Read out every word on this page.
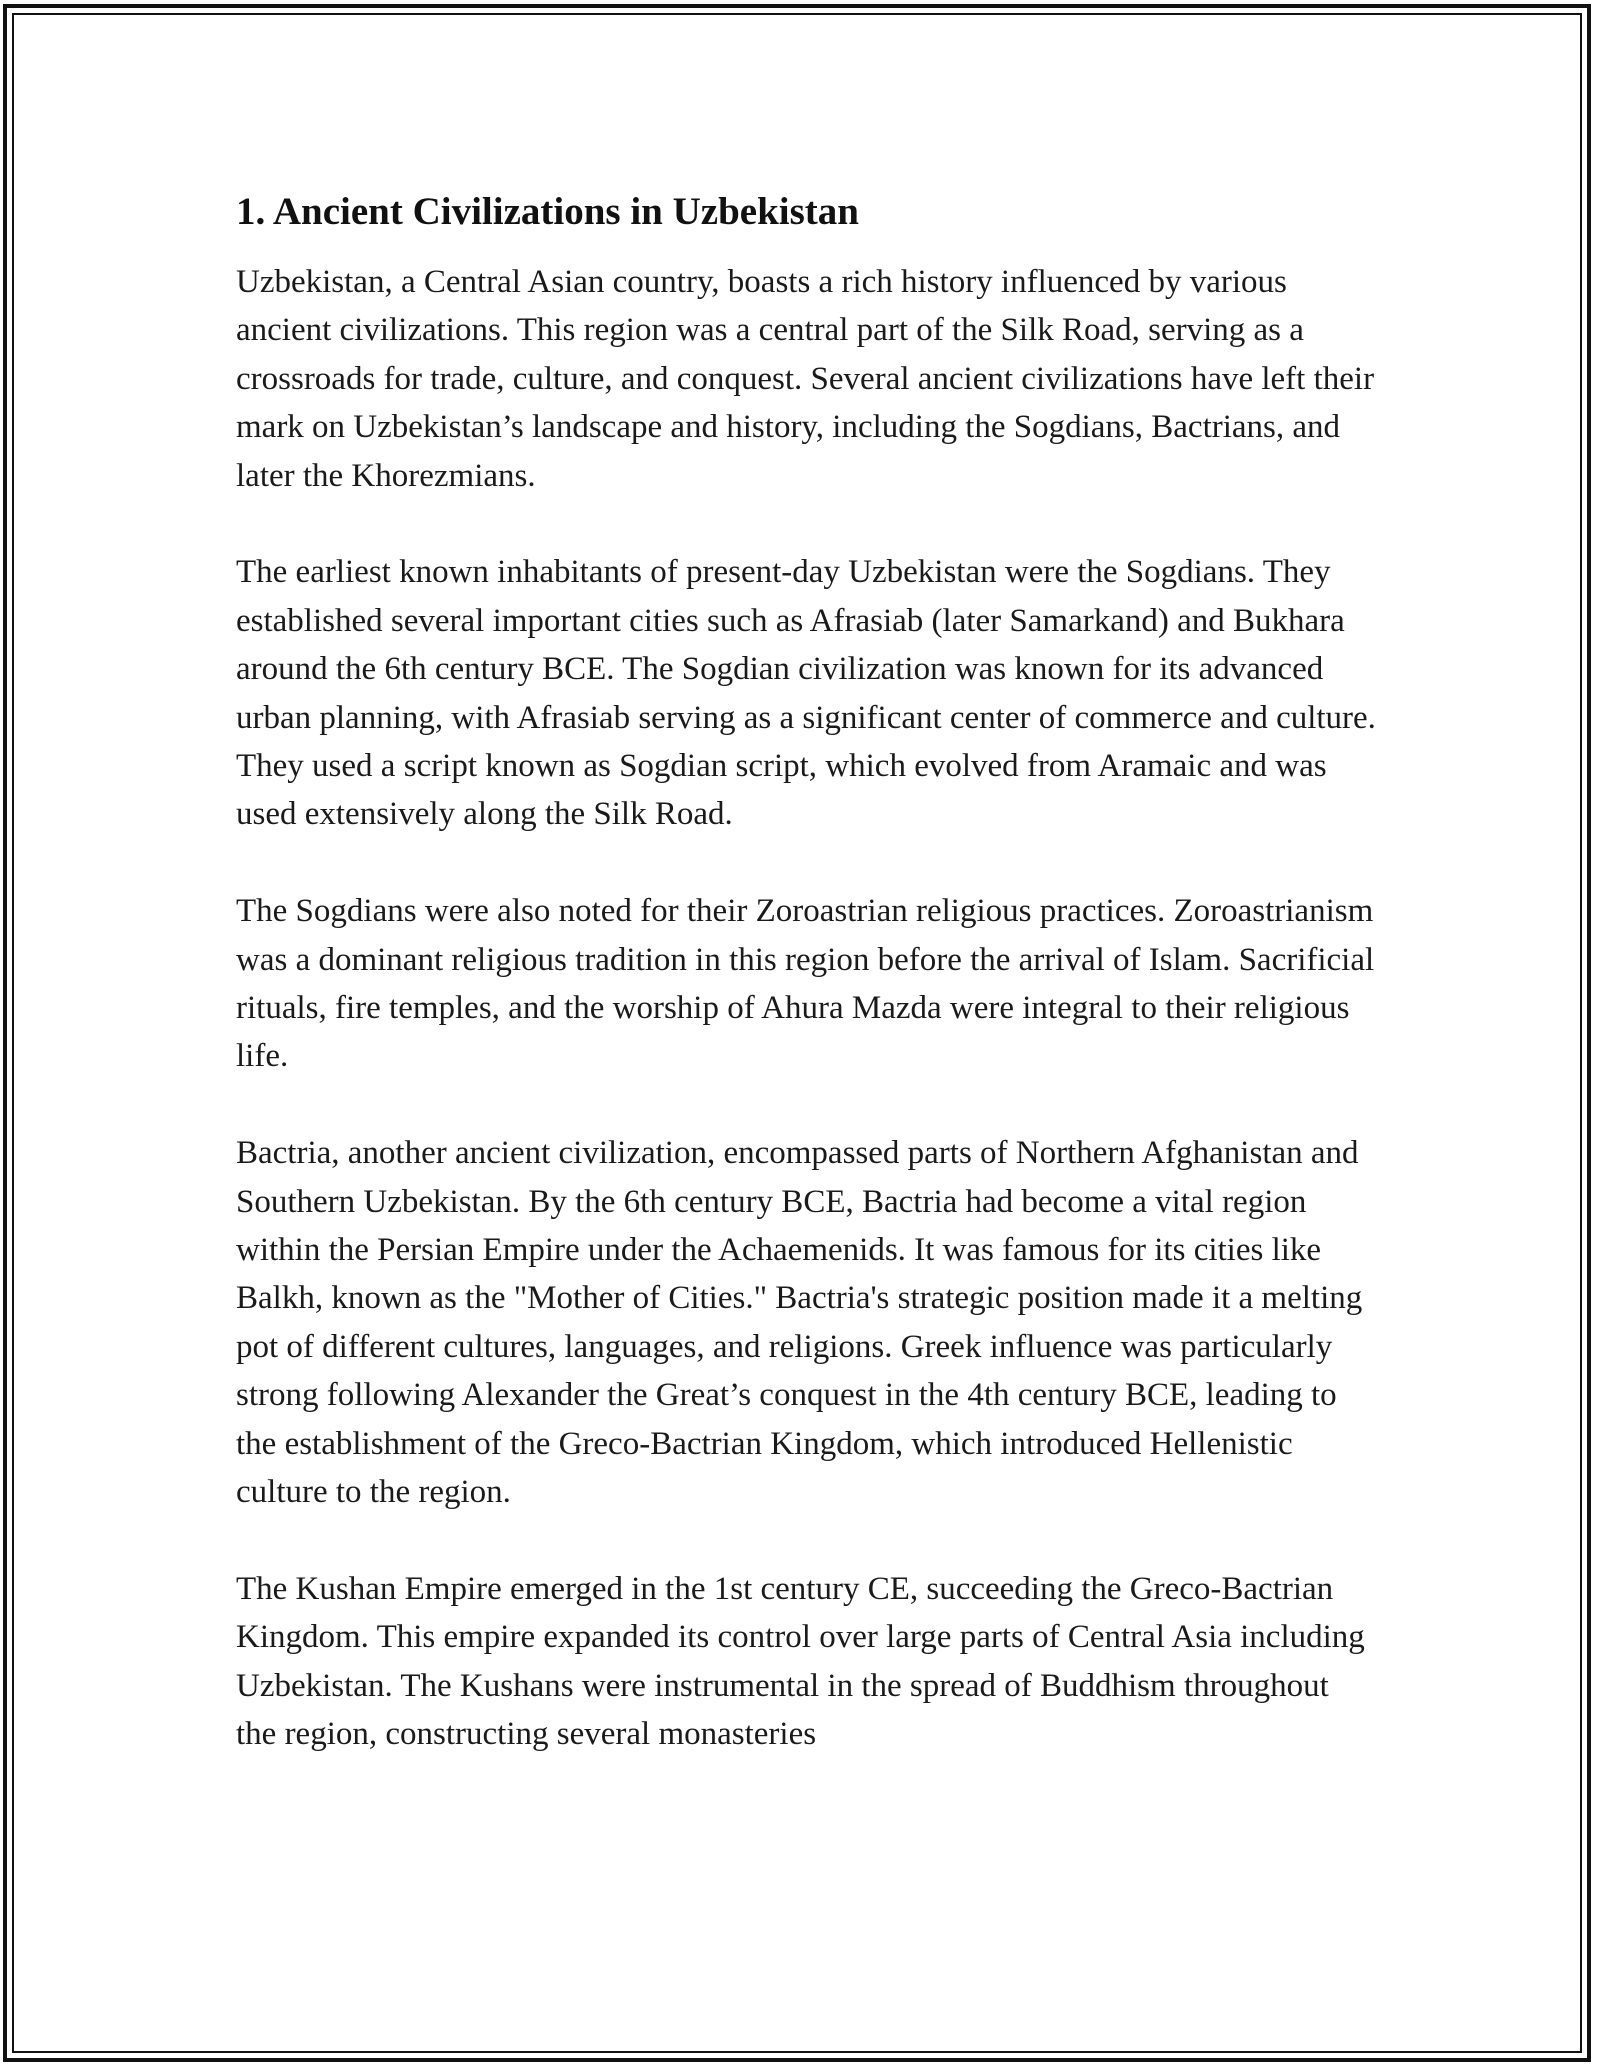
1. Ancient Civilizations in Uzbekistan

Uzbekistan, a Central Asian country, boasts a rich history influenced by various ancient civilizations. This region was a central part of the Silk Road, serving as a crossroads for trade, culture, and conquest. Several ancient civilizations have left their mark on Uzbekistan’s landscape and history, including the Sogdians, Bactrians, and later the Khorezmians.

The earliest known inhabitants of present-day Uzbekistan were the Sogdians. They established several important cities such as Afrasiab (later Samarkand) and Bukhara around the 6th century BCE. The Sogdian civilization was known for its advanced urban planning, with Afrasiab serving as a significant center of commerce and culture. They used a script known as Sogdian script, which evolved from Aramaic and was used extensively along the Silk Road.

The Sogdians were also noted for their Zoroastrian religious practices. Zoroastrianism was a dominant religious tradition in this region before the arrival of Islam. Sacrificial rituals, fire temples, and the worship of Ahura Mazda were integral to their religious life.

Bactria, another ancient civilization, encompassed parts of Northern Afghanistan and Southern Uzbekistan. By the 6th century BCE, Bactria had become a vital region within the Persian Empire under the Achaemenids. It was famous for its cities like Balkh, known as the "Mother of Cities." Bactria's strategic position made it a melting pot of different cultures, languages, and religions. Greek influence was particularly strong following Alexander the Great’s conquest in the 4th century BCE, leading to the establishment of the Greco-Bactrian Kingdom, which introduced Hellenistic culture to the region.

The Kushan Empire emerged in the 1st century CE, succeeding the Greco-Bactrian Kingdom. This empire expanded its control over large parts of Central Asia including Uzbekistan. The Kushans were instrumental in the spread of Buddhism throughout the region, constructing several monasteries
